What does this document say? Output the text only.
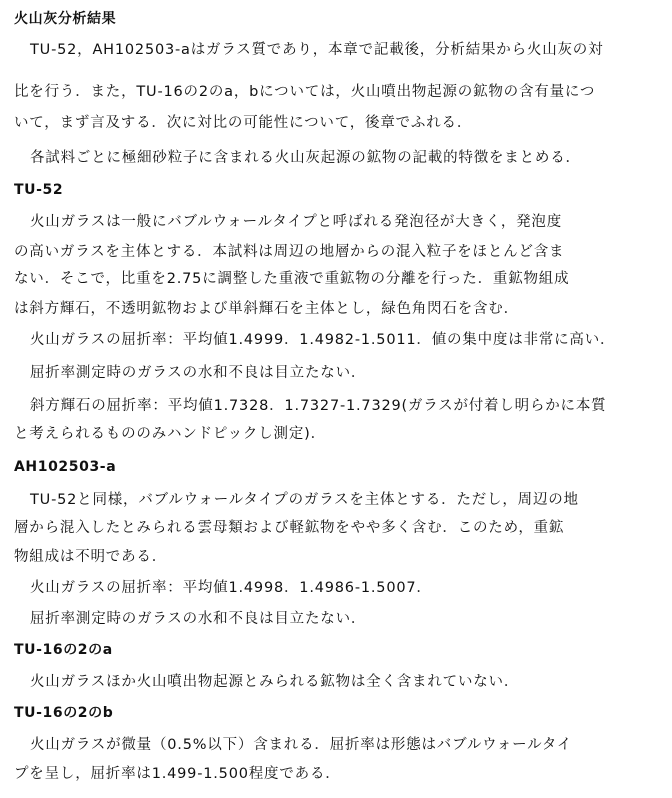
火山灰分析結果
TU-52，AH102503-aはガラス質であり，本章で記載後，分析結果から火山灰の対
比を行う．また，TU-16の2のa，bについては，火山噴出物起源の鉱物の含有量につ
いて，まず言及する．次に対比の可能性について，後章でふれる．
各試料ごとに極細砂粒子に含まれる火山灰起源の鉱物の記載的特徴をまとめる．
TU-52
火山ガラスは一般にバブルウォールタイプと呼ばれる発泡径が大きく，発泡度
の高いガラスを主体とする．本試料は周辺の地層からの混入粒子をほとんど含ま
ない．そこで，比重を2.75に調整した重液で重鉱物の分離を行った．重鉱物組成
は斜方輝石，不透明鉱物および単斜輝石を主体とし，緑色角閃石を含む．
火山ガラスの屈折率：平均値1.4999．1.4982-1.5011．値の集中度は非常に高い．
屈折率測定時のガラスの水和不良は目立たない．
斜方輝石の屈折率：平均値1.7328．1.7327-1.7329(ガラスが付着し明らかに本質
と考えられるもののみハンドピックし測定)．
AH102503-a
TU-52と同様，バブルウォールタイプのガラスを主体とする．ただし，周辺の地
層から混入したとみられる雲母類および軽鉱物をやや多く含む．このため，重鉱
物組成は不明である．
火山ガラスの屈折率：平均値1.4998．1.4986-1.5007．
屈折率測定時のガラスの水和不良は目立たない．
TU-16の2のa
火山ガラスほか火山噴出物起源とみられる鉱物は全く含まれていない．
TU-16の2のb
火山ガラスが微量（0.5%以下）含まれる．屈折率は形態はバブルウォールタイ
プを呈し，屈折率は1.499-1.500程度である．
